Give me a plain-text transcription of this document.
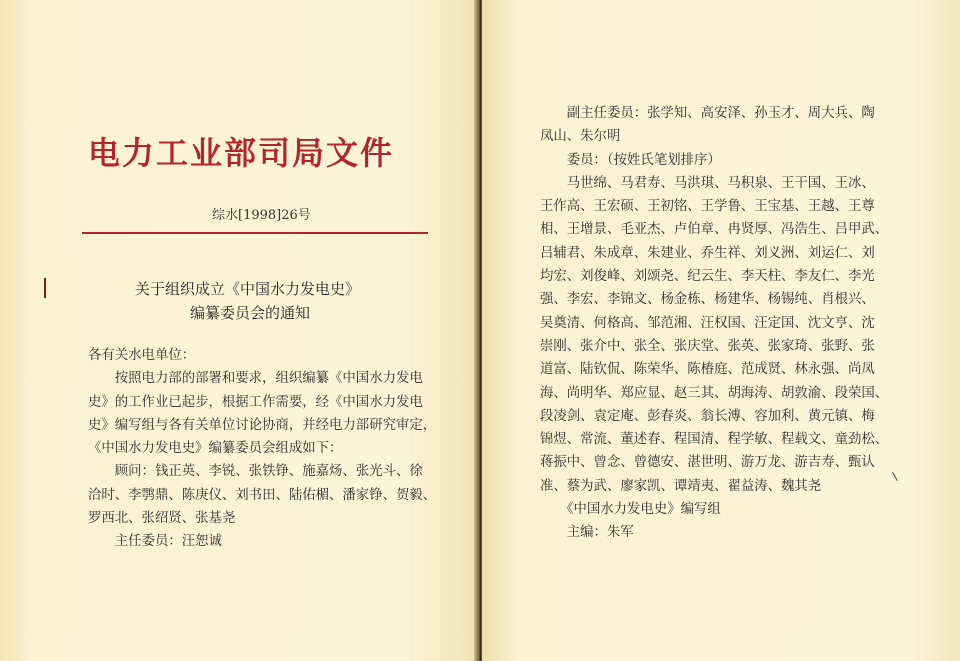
电力工业部司局文件
综水[1998]26号
关于组织成立《中国水力发电史》
编纂委员会的通知
各有关水电单位：
　　按照电力部的部署和要求，组织编纂《中国水力发电
史》的工作业已起步，根据工作需要，经《中国水力发电
史》编写组与各有关单位讨论协商，并经电力部研究审定，
《中国水力发电史》编纂委员会组成如下：
　　顾问：钱正英、李锐、张铁铮、施嘉炀、张光斗、徐
洽时、李鹗鼎、陈庚仪、刘书田、陆佑楣、潘家铮、贺毅、
罗西北、张绍贤、张基尧
　　主任委员：汪恕诚
　　副主任委员：张学知、高安泽、孙玉才、周大兵、陶
凤山、朱尔明
　　委员：（按姓氏笔划排序）
　　马世绵、马君寿、马洪琪、马积泉、王干国、王冰、
王作高、王宏硕、王初铭、王学鲁、王宝基、王越、王尊
相、王增景、毛亚杰、卢伯章、冉贤厚、冯浩生、吕甲武、
吕辅君、朱成章、朱建业、乔生祥、刘义洲、刘运仁、刘
均宏、刘俊峰、刘颂尧、纪云生、李天柱、李友仁、李光
强、李宏、李锦文、杨金栋、杨建华、杨锡纯、肖根兴、
吴奠清、何格高、邹范湘、汪权国、汪定国、沈文亨、沈
崇刚、张介中、张全、张庆堂、张英、张家琦、张野、张
道富、陆钦侃、陈荣华、陈椿庭、范成贤、林永强、尚凤
海、尚明华、郑应显、赵三其、胡海涛、胡敦渝、段荣国、
段凌剑、袁定庵、彭春炎、翁长溥、容加利、黄元镇、梅
锦煜、常流、董述春、程国清、程学敏、程载文、童劲松、
蒋振中、曾念、曾德安、湛世明、游万龙、游吉寿、甄认
准、蔡为武、廖家凯、谭靖夷、翟益涛、魏其尧
　　《中国水力发电史》编写组
　　主编：朱军
